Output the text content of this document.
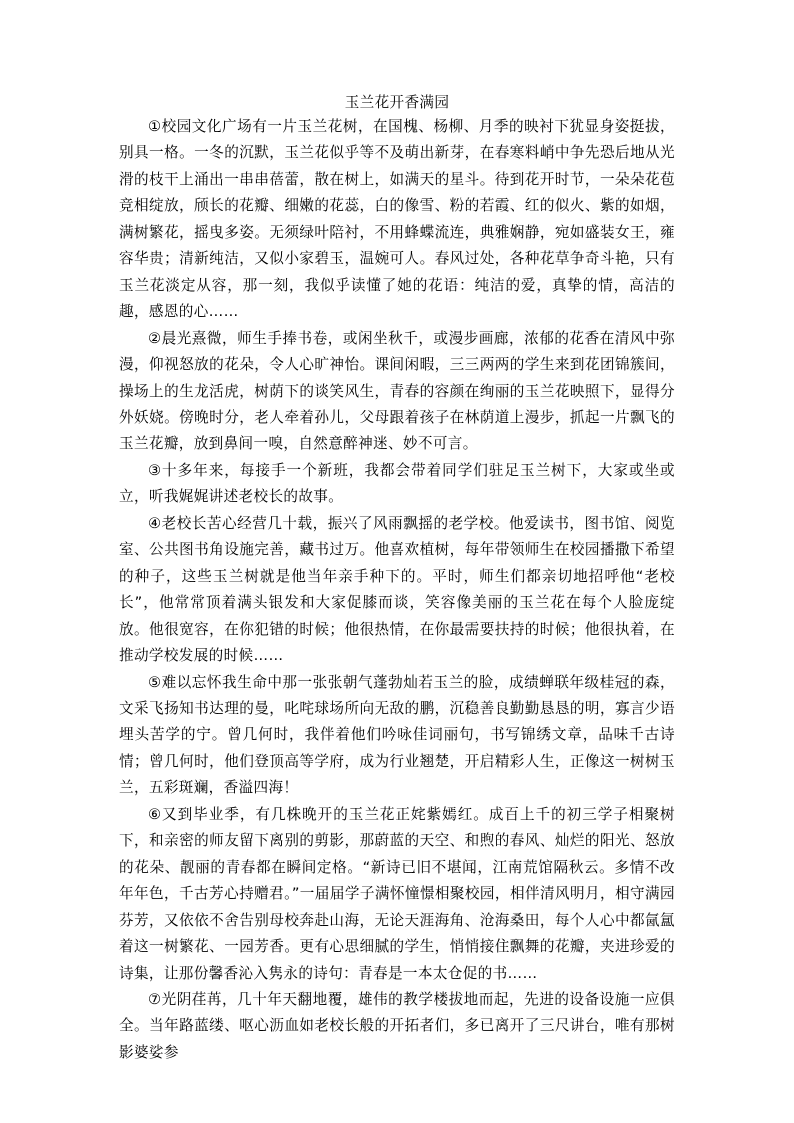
玉兰花开香满园

①校园文化广场有一片玉兰花树，在国槐、杨柳、月季的映衬下犹显身姿挺拔，别具一格。一冬的沉默，玉兰花似乎等不及萌出新芽，在春寒料峭中争先恐后地从光滑的枝干上涌出一串串蓓蕾，散在树上，如满天的星斗。待到花开时节，一朵朵花苞竞相绽放，颀长的花瓣、细嫩的花蕊，白的像雪、粉的若霞、红的似火、紫的如烟，满树繁花，摇曳多姿。无须绿叶陪衬，不用蜂蝶流连，典雅娴静，宛如盛装女王，雍容华贵；清新纯洁，又似小家碧玉，温婉可人。春风过处，各种花草争奇斗艳，只有玉兰花淡定从容，那一刻，我似乎读懂了她的花语：纯洁的爱，真挚的情，高洁的趣，感恩的心……

②晨光熹微，师生手捧书卷，或闲坐秋千，或漫步画廊，浓郁的花香在清风中弥漫，仰视怒放的花朵，令人心旷神怡。课间闲暇，三三两两的学生来到花团锦簇间，操场上的生龙活虎，树荫下的谈笑风生，青春的容颜在绚丽的玉兰花映照下，显得分外妖娆。傍晚时分，老人牵着孙儿，父母跟着孩子在林荫道上漫步，抓起一片飘飞的玉兰花瓣，放到鼻间一嗅，自然意醉神迷、妙不可言。

③十多年来，每接手一个新班，我都会带着同学们驻足玉兰树下，大家或坐或立，听我娓娓讲述老校长的故事。

④老校长苦心经营几十载，振兴了风雨飘摇的老学校。他爱读书，图书馆、阅览室、公共图书角设施完善，藏书过万。他喜欢植树，每年带领师生在校园播撒下希望的种子，这些玉兰树就是他当年亲手种下的。平时，师生们都亲切地招呼他“老校长”，他常常顶着满头银发和大家促膝而谈，笑容像美丽的玉兰花在每个人脸庞绽放。他很宽容，在你犯错的时候；他很热情，在你最需要扶持的时候；他很执着，在推动学校发展的时候……

⑤难以忘怀我生命中那一张张朝气蓬勃灿若玉兰的脸，成绩蝉联年级桂冠的森，文采飞扬知书达理的曼，叱咤球场所向无敌的鹏，沉稳善良勤勤恳恳的明，寡言少语埋头苦学的宁。曾几何时，我伴着他们吟咏佳词丽句，书写锦绣文章，品味千古诗情；曾几何时，他们登顶高等学府，成为行业翘楚，开启精彩人生，正像这一树树玉兰，五彩斑斓，香溢四海！

⑥又到毕业季，有几株晚开的玉兰花正姹紫嫣红。成百上千的初三学子相聚树下，和亲密的师友留下离别的剪影，那蔚蓝的天空、和煦的春风、灿烂的阳光、怒放的花朵、靓丽的青春都在瞬间定格。“新诗已旧不堪闻，江南荒馆隔秋云。多情不改年年色，千古芳心持赠君。”一届届学子满怀憧憬相聚校园，相伴清风明月，相守满园芬芳，又依依不舍告别母校奔赴山海，无论天涯海角、沧海桑田，每个人心中都氤氲着这一树繁花、一园芳香。更有心思细腻的学生，悄悄接住飘舞的花瓣，夹进珍爱的诗集，让那份馨香沁入隽永的诗句：青春是一本太仓促的书……

⑦光阴荏苒，几十年天翻地覆，雄伟的教学楼拔地而起，先进的设备设施一应俱全。当年路蓝缕、呕心沥血如老校长般的开拓者们，多已离开了三尺讲台，唯有那树影婆娑参
